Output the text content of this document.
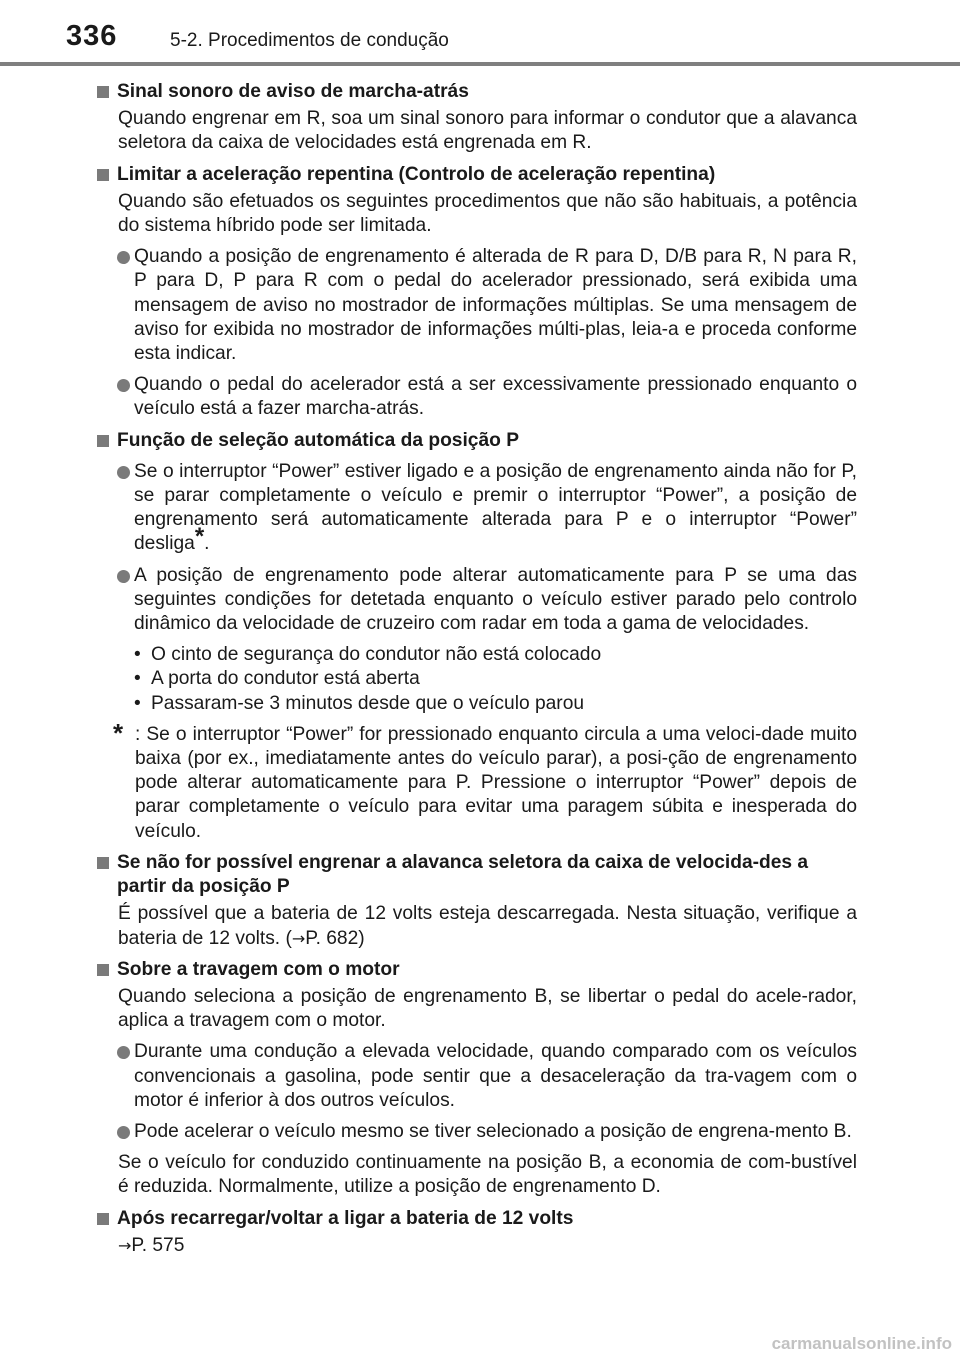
336	5-2. Procedimentos de condução
Sinal sonoro de aviso de marcha-atrás
Quando engrenar em R, soa um sinal sonoro para informar o condutor que a alavanca seletora da caixa de velocidades está engrenada em R.
Limitar a aceleração repentina (Controlo de aceleração repentina)
Quando são efetuados os seguintes procedimentos que não são habituais, a potência do sistema híbrido pode ser limitada.
Quando a posição de engrenamento é alterada de R para D, D/B para R, N para R, P para D, P para R com o pedal do acelerador pressionado, será exibida uma mensagem de aviso no mostrador de informações múltiplas. Se uma mensagem de aviso for exibida no mostrador de informações múlti-plas, leia-a e proceda conforme esta indicar.
Quando o pedal do acelerador está a ser excessivamente pressionado enquanto o veículo está a fazer marcha-atrás.
Função de seleção automática da posição P
Se o interruptor “Power” estiver ligado e a posição de engrenamento ainda não for P, se parar completamente o veículo e premir o interruptor “Power”, a posição de engrenamento será automaticamente alterada para P e o interruptor “Power” desliga*.
A posição de engrenamento pode alterar automaticamente para P se uma das seguintes condições for detetada enquanto o veículo estiver parado pelo controlo dinâmico da velocidade de cruzeiro com radar em toda a gama de velocidades.
• O cinto de segurança do condutor não está colocado
• A porta do condutor está aberta
• Passaram-se 3 minutos desde que o veículo parou
* : Se o interruptor “Power” for pressionado enquanto circula a uma veloci-dade muito baixa (por ex., imediatamente antes do veículo parar), a posi-ção de engrenamento pode alterar automaticamente para P. Pressione o interruptor “Power” depois de parar completamente o veículo para evitar uma paragem súbita e inesperada do veículo.
Se não for possível engrenar a alavanca seletora da caixa de velocida-des a partir da posição P
É possível que a bateria de 12 volts esteja descarregada. Nesta situação, verifique a bateria de 12 volts. (→P. 682)
Sobre a travagem com o motor
Quando seleciona a posição de engrenamento B, se libertar o pedal do acele-rador, aplica a travagem com o motor.
Durante uma condução a elevada velocidade, quando comparado com os veículos convencionais a gasolina, pode sentir que a desaceleração da tra-vagem com o motor é inferior à dos outros veículos.
Pode acelerar o veículo mesmo se tiver selecionado a posição de engrena-mento B.
Se o veículo for conduzido continuamente na posição B, a economia de com-bustível é reduzida. Normalmente, utilize a posição de engrenamento D.
Após recarregar/voltar a ligar a bateria de 12 volts
→P. 575
carmanualsonline.info
